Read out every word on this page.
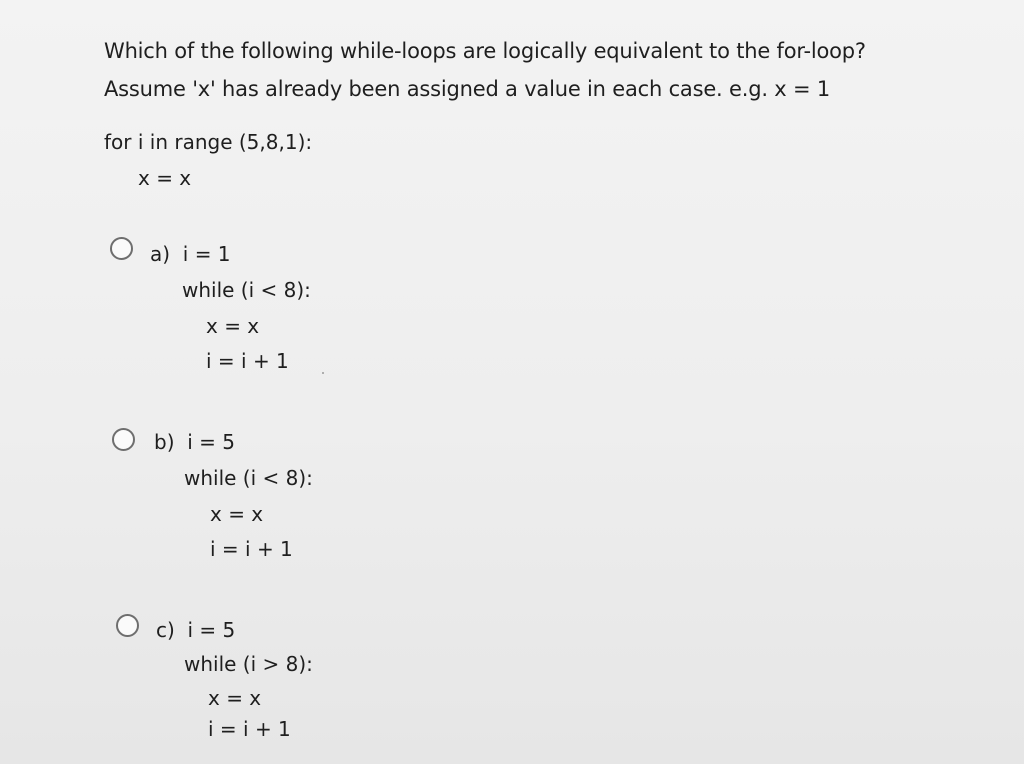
Which of the following while-loops are logically equivalent to the for-loop?
Assume 'x' has already been assigned a value in each case. e.g. x = 1
for i in range (5,8,1):
x = x
a)  i = 1
while (i < 8):
x = x
i = i + 1
b)  i = 5
while (i < 8):
x = x
i = i + 1
c)  i = 5
while (i > 8):
x = x
i = i + 1
